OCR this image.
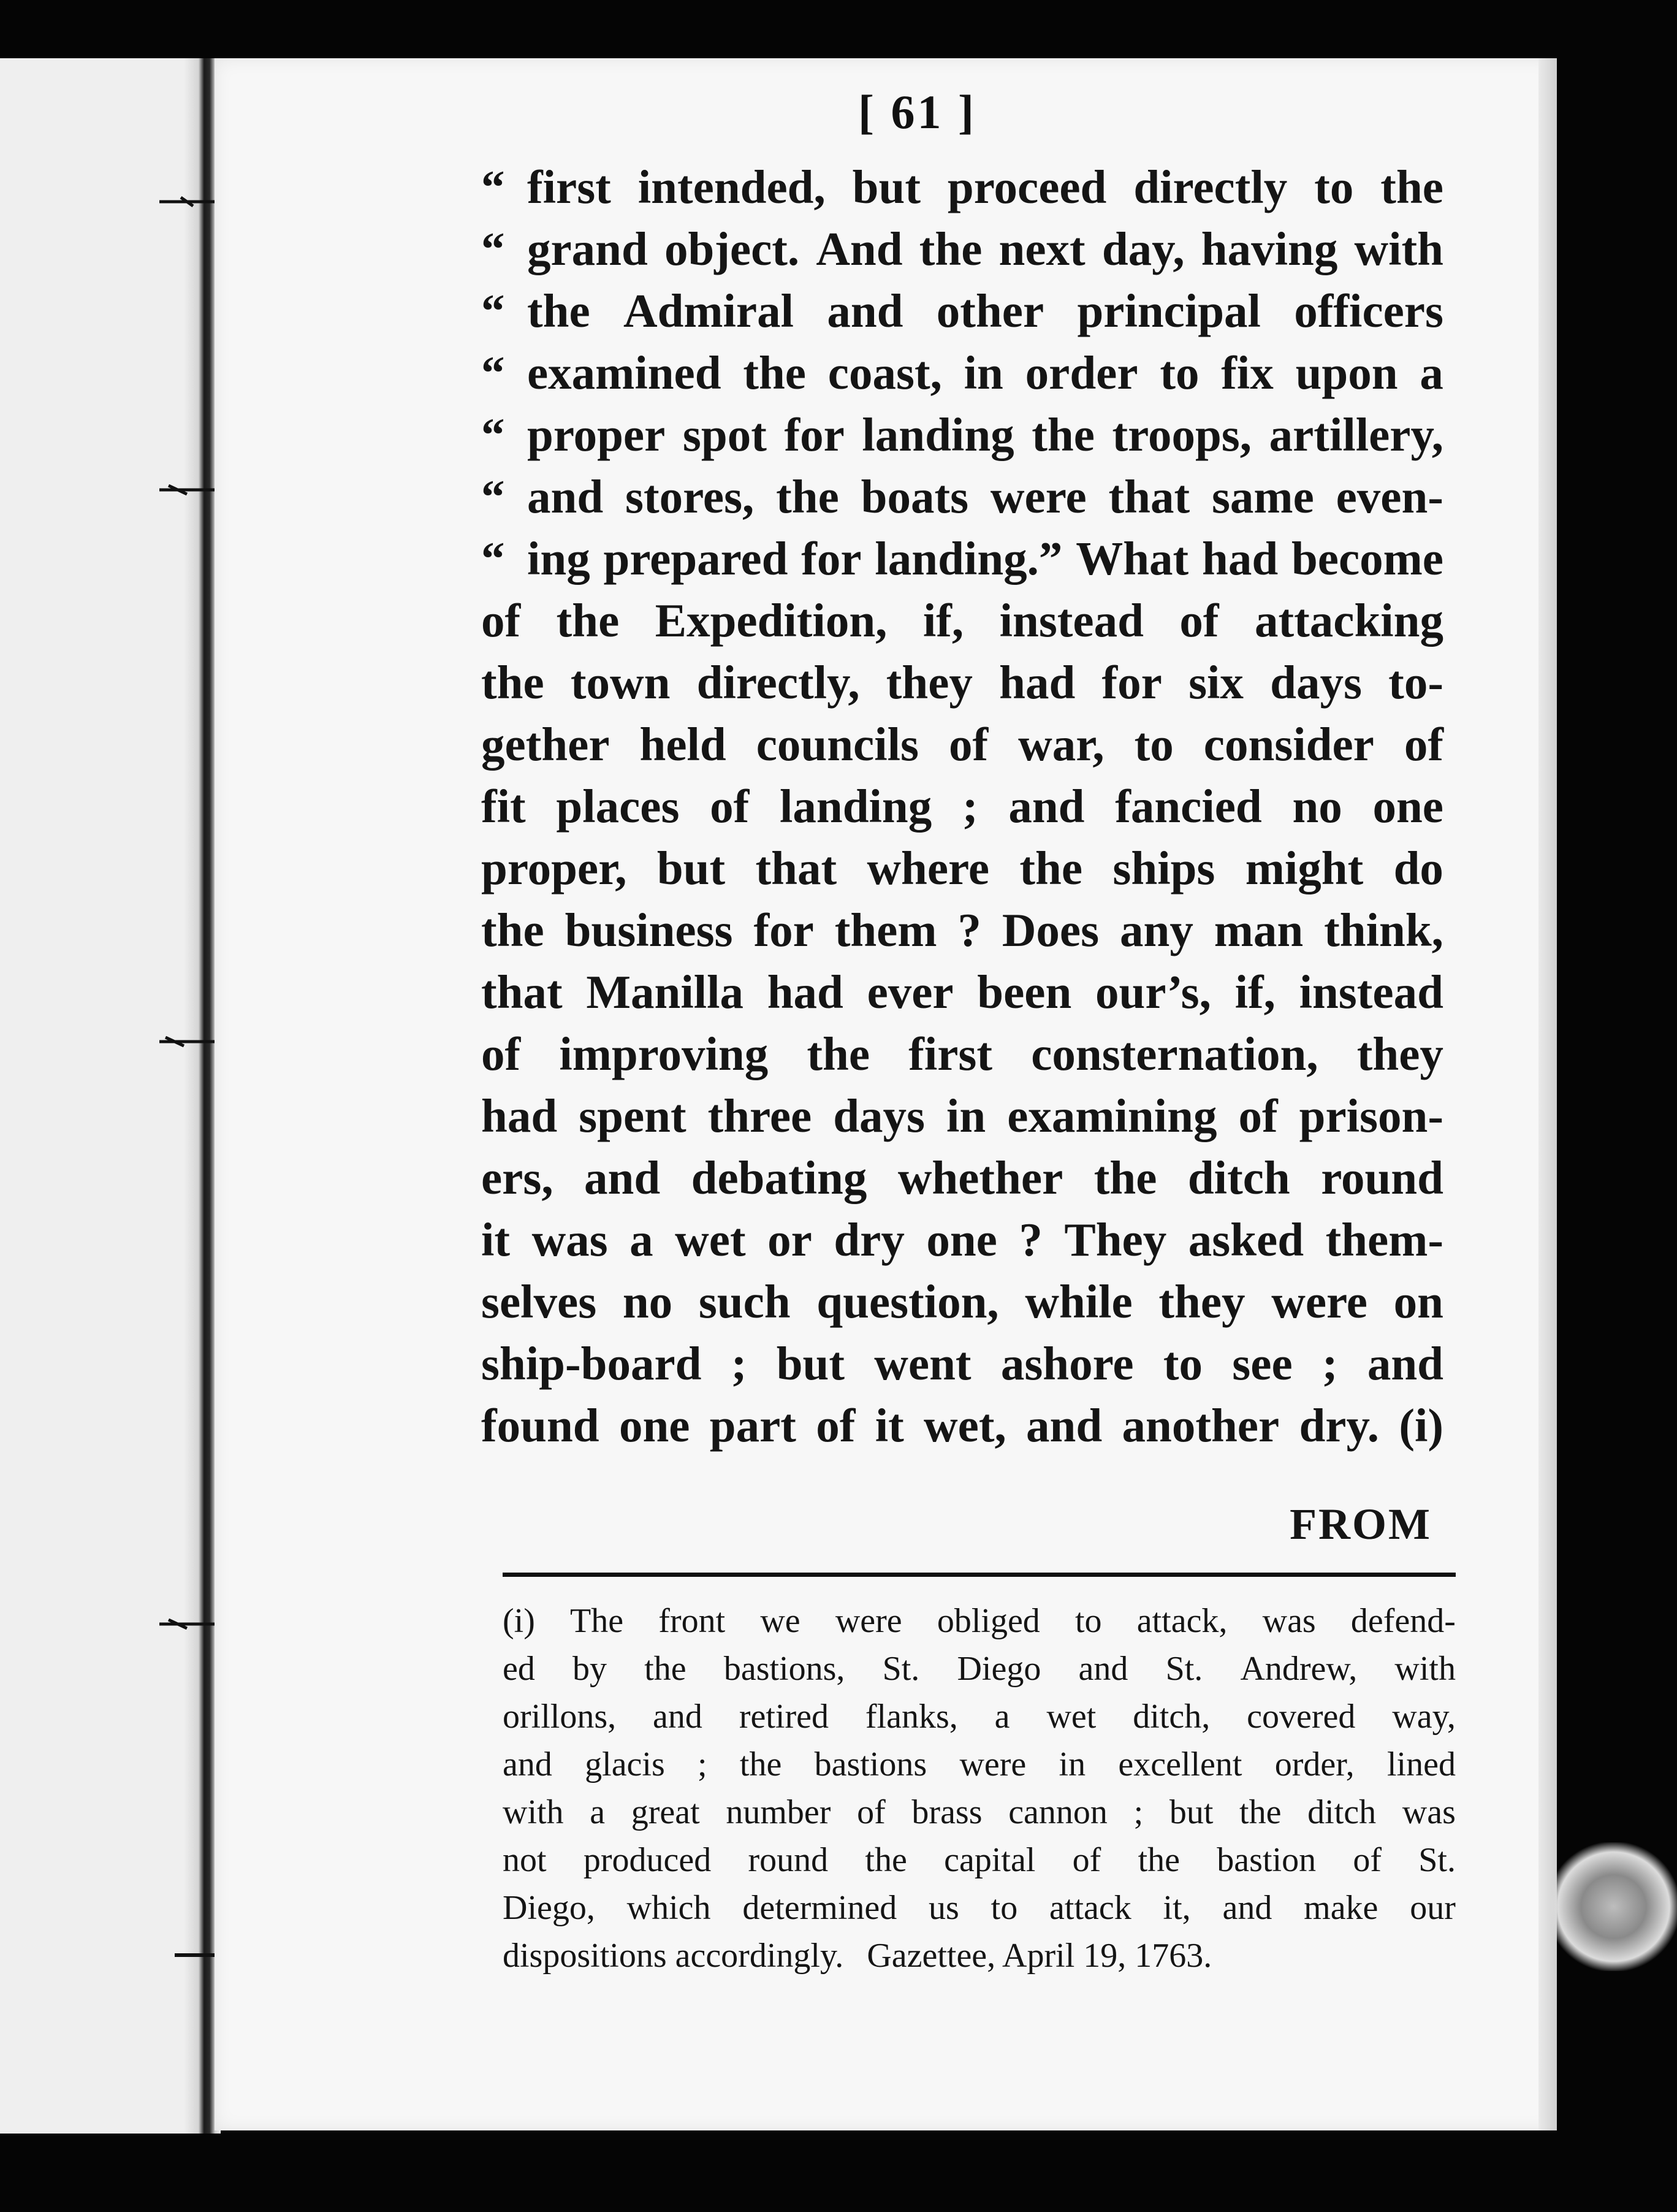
[ 61 ]
“ first intended, but proceed directly to the
“ grand object. And the next day, having with
“ the Admiral and other principal officers
“ examined the coast, in order to fix upon a
“ proper spot for landing the troops, artillery,
“ and stores, the boats were that same even-
“ ing prepared for landing.” What had become
of the Expedition, if, instead of attacking
the town directly, they had for six days to-
gether held councils of war, to consider of
fit places of landing ; and fancied no one
proper, but that where the ships might do
the business for them ? Does any man think,
that Manilla had ever been our’s, if, instead
of improving the first consternation, they
had spent three days in examining of prison-
ers, and debating whether the ditch round
it was a wet or dry one ? They asked them-
selves no such question, while they were on
ship-board ; but went ashore to see ; and
found one part of it wet, and another dry. (i)
FROM
(i) The front we were obliged to attack, was defend-
ed by the bastions, St. Diego and St. Andrew, with
orillons, and retired flanks, a wet ditch, covered way,
and glacis ; the bastions were in excellent order, lined
with a great number of brass cannon ; but the ditch was
not produced round the capital of the bastion of St.
Diego, which determined us to attack it, and make our
dispositions accordingly. Gazettee, April 19, 1763.
